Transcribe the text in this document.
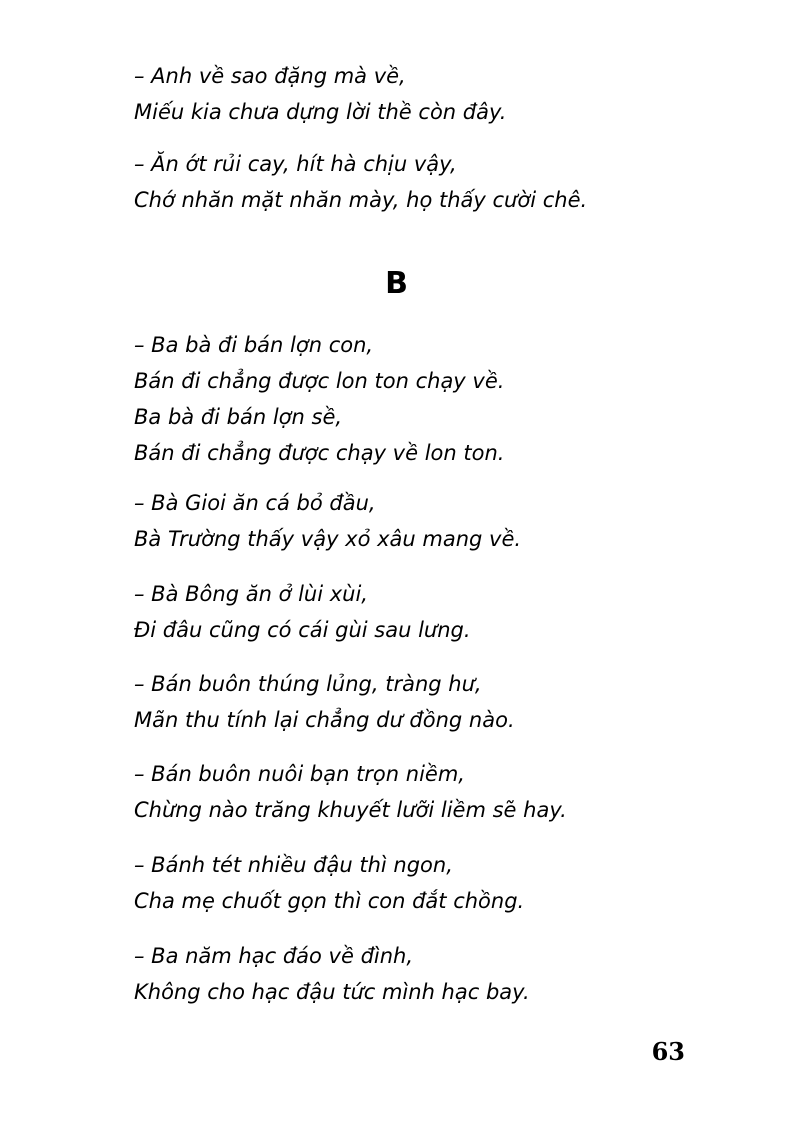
– Anh về sao đặng mà về,

Miếu kia chưa dựng lời thề còn đây.

– Ăn ớt rủi cay, hít hà chịu vậy,

Chớ nhăn mặt nhăn mày, họ thấy cười chê.

B

– Ba bà đi bán lợn con,

Bán đi chẳng được lon ton chạy về.

Ba bà đi bán lợn sề,

Bán đi chẳng được chạy về lon ton.

– Bà Gioi ăn cá bỏ đầu,

Bà Trường thấy vậy xỏ xâu mang về.

– Bà Bông ăn ở lùi xùi,

Đi đâu cũng có cái gùi sau lưng.

– Bán buôn thúng lủng, tràng hư,

Mãn thu tính lại chẳng dư đồng nào.

– Bán buôn nuôi bạn trọn niềm,

Chừng nào trăng khuyết lưỡi liềm sẽ hay.

– Bánh tét nhiều đậu thì ngon,

Cha mẹ chuốt gọn thì con đắt chồng.

– Ba năm hạc đáo về đình,

Không cho hạc đậu tức mình hạc bay.

63
